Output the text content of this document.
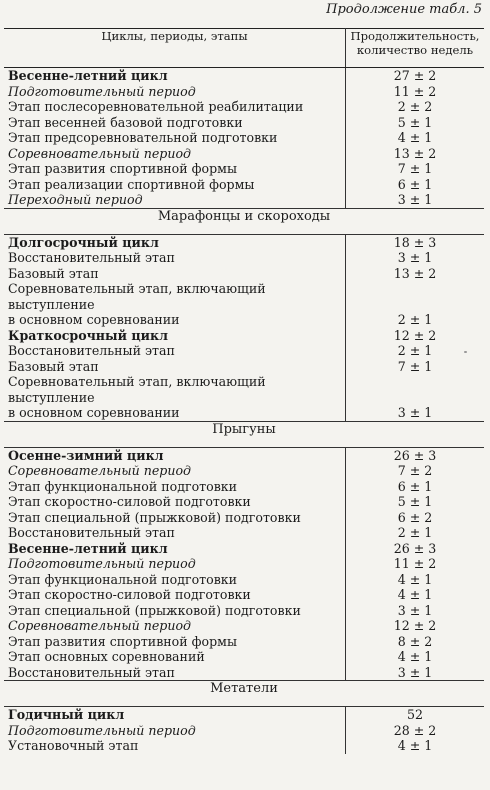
Продолжение табл. 5
Циклы, периоды, этапы	Продолжительность, количество недель
Весенне-летний цикл	27 ± 2
Подготовительный период	11 ± 2
Этап послесоревновательной реабилитации	2 ± 2
Этап весенней базовой подготовки	5 ± 1
Этап предсоревновательной подготовки	4 ± 1
Соревновательный период	13 ± 2
Этап развития спортивной формы	7 ± 1
Этап реализации спортивной формы	6 ± 1
Переходный период	3 ± 1
Марафонцы и скороходы	
Долгосрочный цикл	18 ± 3
Восстановительный этап	3 ± 1
Базовый этап	13 ± 2
Соревновательный этап, включающий выступление
в основном соревновании	2 ± 1
Краткосрочный цикл	12 ± 2
Восстановительный этап	2 ± 1
Базовый этап	7 ± 1
Соревновательный этап, включающий выступление
в основном соревновании	3 ± 1
Прыгуны	
Осенне-зимний цикл	26 ± 3
Соревновательный период	7 ± 2
Этап функциональной подготовки	6 ± 1
Этап скоростно-силовой подготовки	5 ± 1
Этап специальной (прыжковой) подготовки	6 ± 2
Восстановительный этап	2 ± 1
Весенне-летний цикл	26 ± 3
Подготовительный период	11 ± 2
Этап функциональной подготовки	4 ± 1
Этап скоростно-силовой подготовки	4 ± 1
Этап специальной (прыжковой) подготовки	3 ± 1
Соревновательный период	12 ± 2
Этап развития спортивной формы	8 ± 2
Этап основных соревнований	4 ± 1
Восстановительный этап	3 ± 1
Метатели	
Годичный цикл	52
Подготовительный период	28 ± 2
Установочный этап	4 ± 1
